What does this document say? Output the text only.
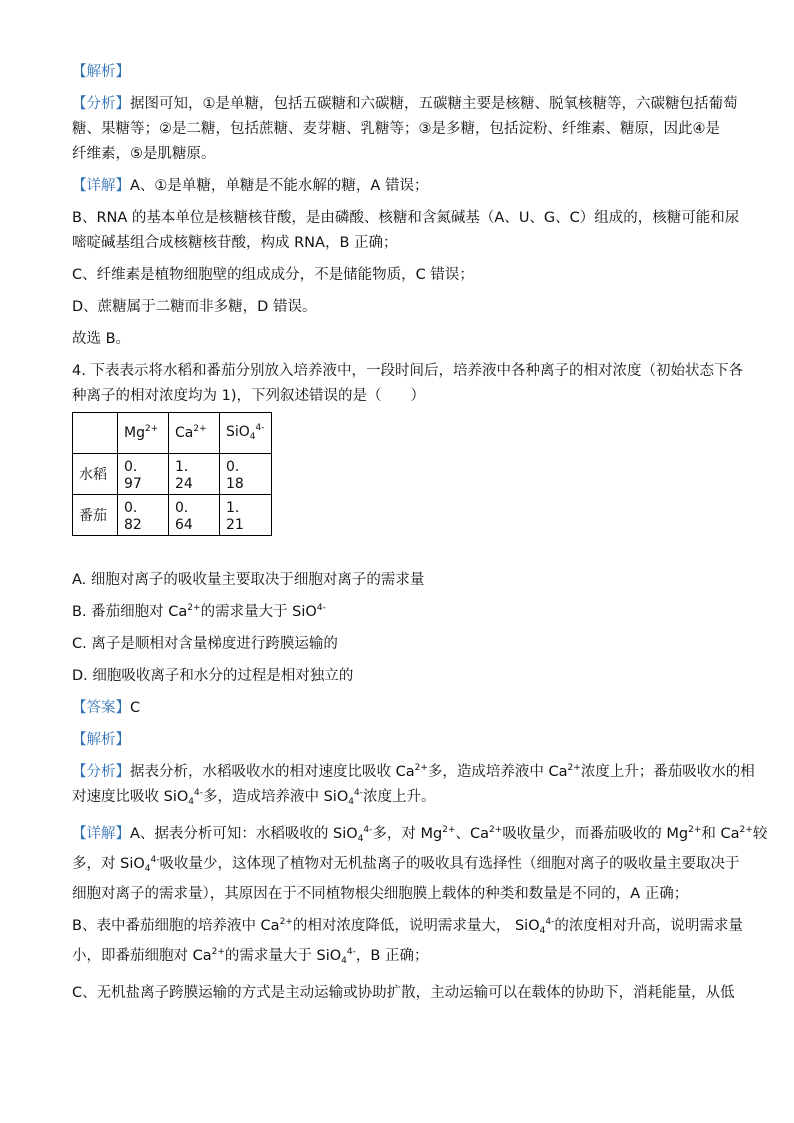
【解析】

【分析】据图可知，①是单糖，包括五碳糖和六碳糖，五碳糖主要是核糖、脱氧核糖等，六碳糖包括葡萄

糖、果糖等；②是二糖，包括蔗糖、麦芽糖、乳糖等；③是多糖，包括淀粉、纤维素、糖原，因此④是

纤维素，⑤是肌糖原。

【详解】A、①是单糖，单糖是不能水解的糖，A 错误；

B、RNA 的基本单位是核糖核苷酸，是由磷酸、核糖和含氮碱基（A、U、G、C）组成的，核糖可能和尿

嘧啶碱基组合成核糖核苷酸，构成 RNA，B 正确；

C、纤维素是植物细胞壁的组成成分，不是储能物质，C 错误；

D、蔗糖属于二糖而非多糖，D 错误。

故选 B。

4. 下表表示将水稻和番茄分别放入培养液中，一段时间后，培养液中各种离子的相对浓度（初始状态下各

种离子的相对浓度均为 1)，下列叙述错误的是（　　）

	$Mg^{2+}$	$Ca^{2+}$	SiO$_4^{4-}$
水稻	0．97	1．24	0．18
番茄	0．82	0．64	1．21

A. 细胞对离子的吸收量主要取决于细胞对离子的需求量

B. 番茄细胞对 $Ca^{2+}$的需求量大于 SiO$^{4-}$

C. 离子是顺相对含量梯度进行跨膜运输的

D. 细胞吸收离子和水分的过程是相对独立的

【答案】C

【解析】

【分析】据表分析，水稻吸收水的相对速度比吸收 $Ca^{2+}$多，造成培养液中 $Ca^{2+}$浓度上升；番茄吸收水的相

对速度比吸收 SiO$_4^{4-}$多，造成培养液中 SiO$_4^{4-}$浓度上升。

【详解】A、据表分析可知：水稻吸收的 SiO$_4^{4-}$多，对 $Mg^{2+}$、$Ca^{2+}$吸收量少，而番茄吸收的 $Mg^{2+}$和 $Ca^{2+}$较

多，对 SiO$_4^{4-}$吸收量少，这体现了植物对无机盐离子的吸收具有选择性（细胞对离子的吸收量主要取决于

细胞对离子的需求量），其原因在于不同植物根尖细胞膜上载体的种类和数量是不同的，A 正确；

B、表中番茄细胞的培养液中 $Ca^{2+}$的相对浓度降低，说明需求量大， SiO$_4^{4-}$的浓度相对升高，说明需求量

小，即番茄细胞对 $Ca^{2+}$的需求量大于 SiO$_4^{4-}$，B 正确；

C、无机盐离子跨膜运输的方式是主动运输或协助扩散，主动运输可以在载体的协助下，消耗能量，从低
